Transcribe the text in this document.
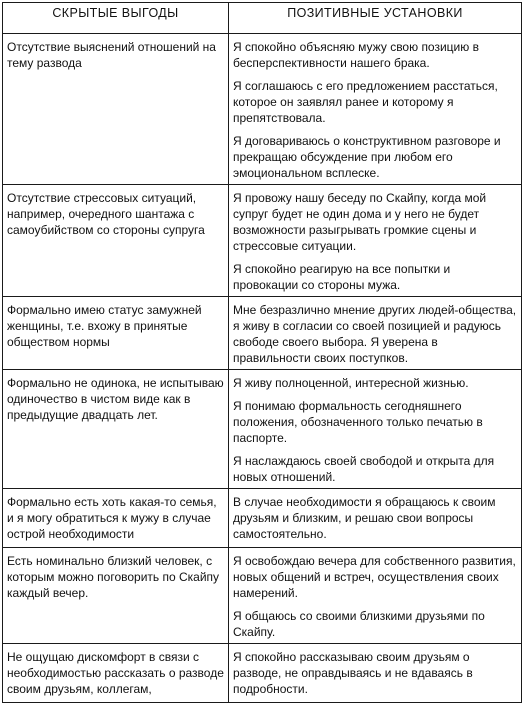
СКРЫТЫЕ ВЫГОДЫ	ПОЗИТИВНЫЕ УСТАНОВКИ
Отсутствие выяснений отношений на тему развода	Я спокойно объясняю мужу свою позицию в бесперспективности нашего брака.

Я соглашаюсь с его предложением расстаться, которое он заявлял ранее и которому я препятствовала.

Я договариваюсь о конструктивном разговоре и прекращаю обсуждение при любом его эмоциональном всплеске.

Отсутствие стрессовых ситуаций, например, очередного шантажа с самоубийством со стороны супруга	Я провожу нашу беседу по Скайпу, когда мой супруг будет не один дома и у него не будет возможности разыгрывать громкие сцены и стрессовые ситуации.

Я спокойно реагирую на все попытки и провокации со стороны мужа.

Формально имею статус замужней женщины, т.е. вхожу в принятые обществом нормы	Мне безразлично мнение других людей-общества, я живу в согласии со своей позицией и радуюсь свободе своего выбора. Я уверена в правильности своих поступков.

Формально не одинока, не испытываю одиночество в чистом виде как в предыдущие двадцать лет.	Я живу полноценной, интересной жизнью.

Я понимаю формальность сегодняшнего положения, обозначенного только печатью в паспорте.

Я наслаждаюсь своей свободой и открыта для новых отношений.

Формально есть хоть какая-то семья, и я могу обратиться к мужу в случае острой необходимости	В случае необходимости я обращаюсь к своим друзьям и близким, и решаю свои вопросы самостоятельно.

Есть номинально близкий человек, с которым можно поговорить по Скайпу каждый вечер.	Я освобождаю вечера для собственного развития, новых общений и встреч, осуществления своих намерений.

Я общаюсь со своими близкими друзьями по Скайпу.

Не ощущаю дискомфорт в связи с необходимостью рассказать о разводе своим друзьям, коллегам,	Я спокойно рассказываю своим друзьям о разводе, не оправдываясь и не вдаваясь в подробности.
